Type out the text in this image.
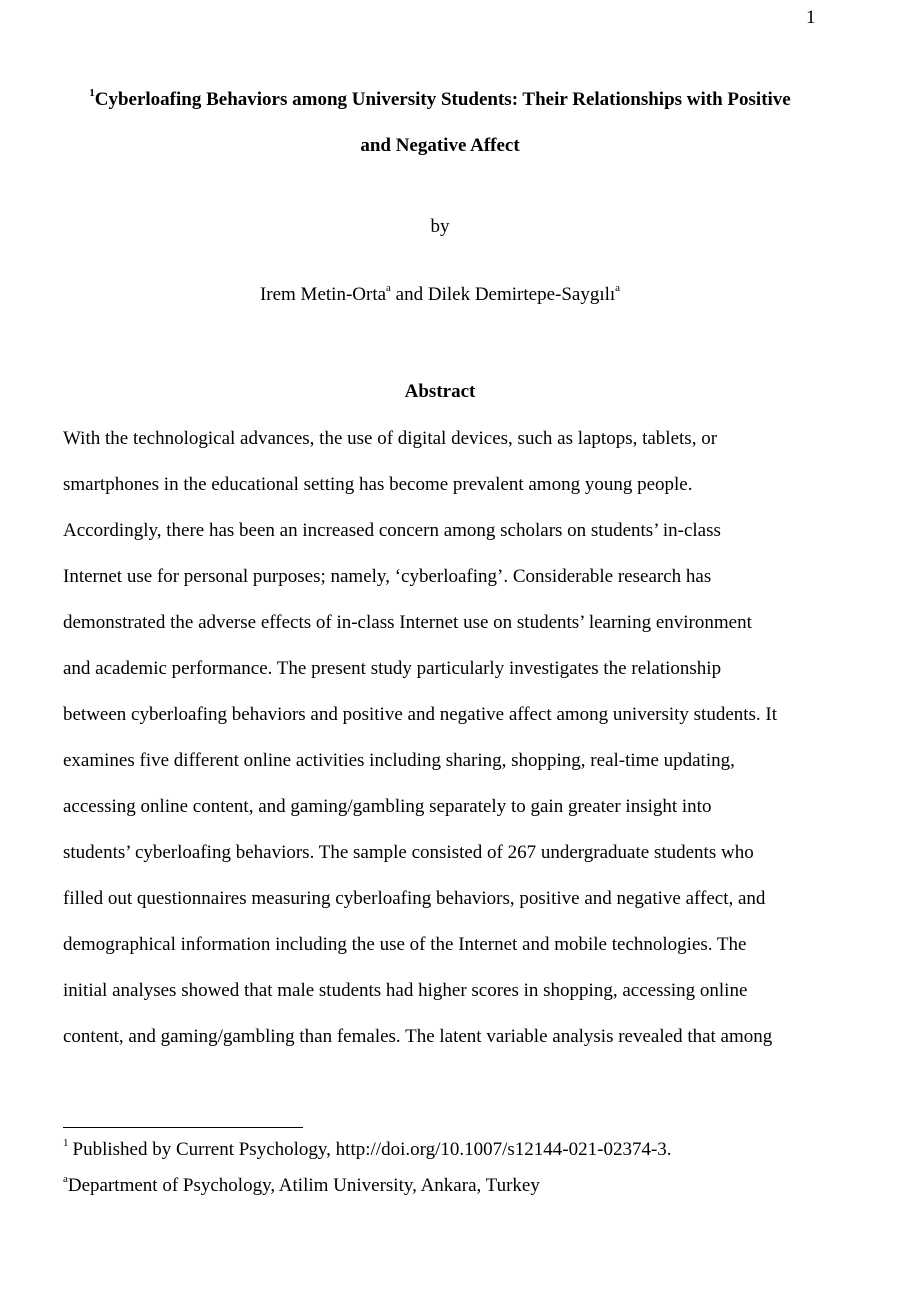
1
$^1$Cyberloafing Behaviors among University Students: Their Relationships with Positive
and Negative Affect
by
Irem Metin-Orta$^a$ and Dilek Demirtepe-Saygılı$^a$
Abstract
With the technological advances, the use of digital devices, such as laptops, tablets, or
smartphones in the educational setting has become prevalent among young people.
Accordingly, there has been an increased concern among scholars on students’ in-class
Internet use for personal purposes; namely, ‘cyberloafing’. Considerable research has
demonstrated the adverse effects of in-class Internet use on students’ learning environment
and academic performance. The present study particularly investigates the relationship
between cyberloafing behaviors and positive and negative affect among university students. It
examines five different online activities including sharing, shopping, real-time updating,
accessing online content, and gaming/gambling separately to gain greater insight into
students’ cyberloafing behaviors. The sample consisted of 267 undergraduate students who
filled out questionnaires measuring cyberloafing behaviors, positive and negative affect, and
demographical information including the use of the Internet and mobile technologies. The
initial analyses showed that male students had higher scores in shopping, accessing online
content, and gaming/gambling than females. The latent variable analysis revealed that among
$^1$ Published by Current Psychology, http://doi.org/10.1007/s12144-021-02374-3.
$^a$Department of Psychology, Atilim University, Ankara, Turkey
